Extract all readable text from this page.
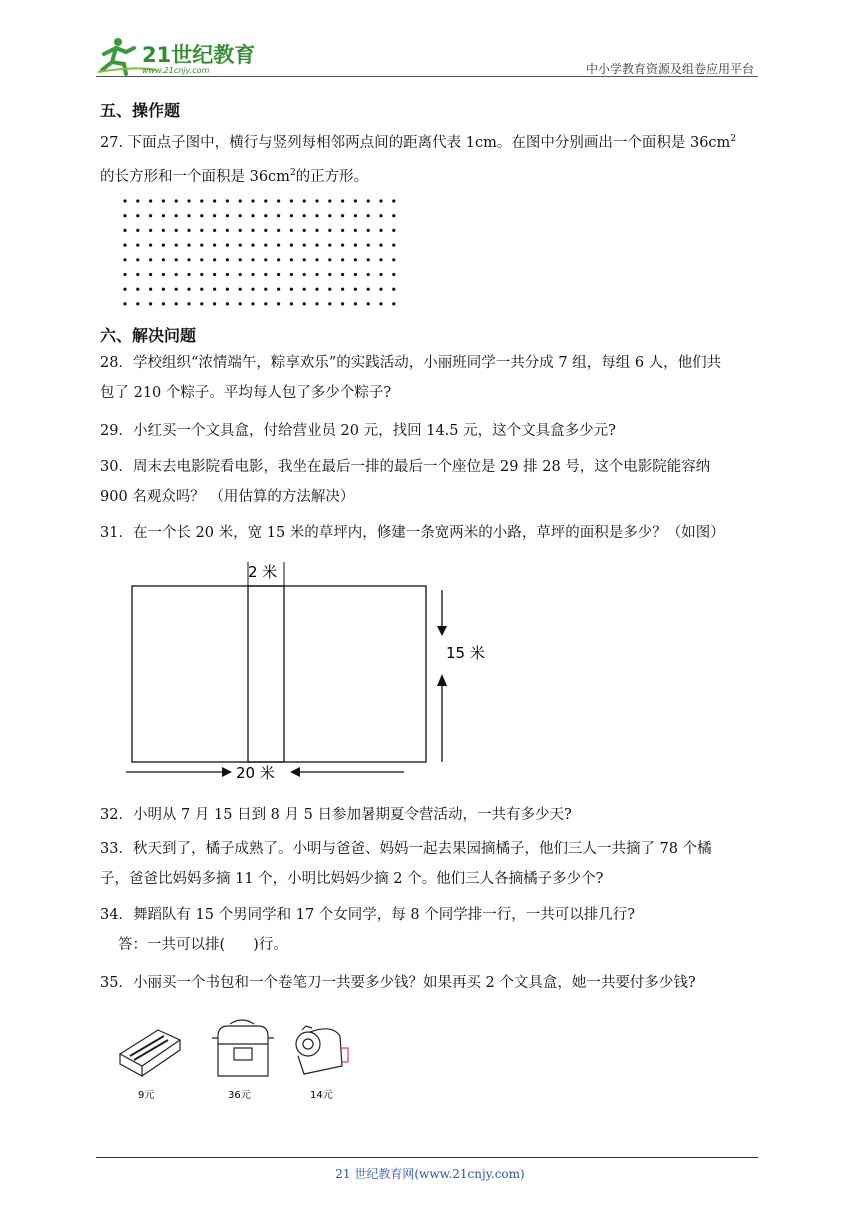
21世纪教育
www.21cnjy.com	中小学教育资源及组卷应用平台
五、操作题
27. 下面点子图中，横行与竖列每相邻两点间的距离代表 1cm。在图中分别画出一个面积是 $36cm^2$
的长方形和一个面积是 $36cm^2$的正方形。
六、解决问题
28．学校组织“浓情端午，粽享欢乐”的实践活动，小丽班同学一共分成 7 组，每组 6 人，他们共
包了 210 个粽子。平均每人包了多少个粽子?
29．小红买一个文具盒，付给营业员 20 元，找回 14.5 元，这个文具盒多少元?
30．周末去电影院看电影，我坐在最后一排的最后一个座位是 29 排 28 号，这个电影院能容纳
900 名观众吗？ （用估算的方法解决）
31．在一个长 20 米，宽 15 米的草坪内，修建一条宽两米的小路，草坪的面积是多少？（如图）
2 米
15 米
20 米
32．小明从 7 月 15 日到 8 月 5 日参加暑期夏令营活动，一共有多少天?
33．秋天到了，橘子成熟了。小明与爸爸、妈妈一起去果园摘橘子，他们三人一共摘了 78 个橘
子，爸爸比妈妈多摘 11 个，小明比妈妈少摘 2 个。他们三人各摘橘子多少个?
34．舞蹈队有 15 个男同学和 17 个女同学，每 8 个同学排一行，一共可以排几行?
答：一共可以排( )行。
35．小丽买一个书包和一个卷笔刀一共要多少钱？如果再买 2 个文具盒，她一共要付多少钱?
9元	36元	14元
21 世纪教育网(www.21cnjy.com)
